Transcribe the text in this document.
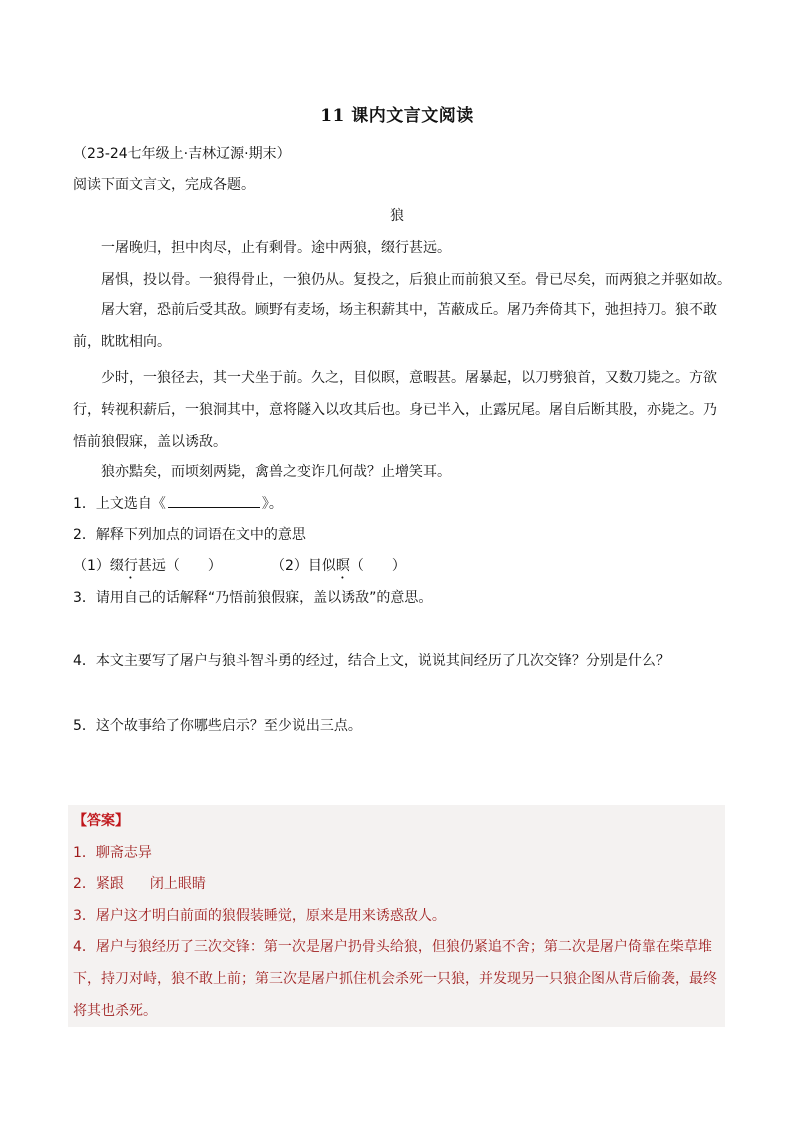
11 课内文言文阅读
（23-24七年级上·吉林辽源·期末）
阅读下面文言文，完成各题。
狼
一屠晚归，担中肉尽，止有剩骨。途中两狼，缀行甚远。
屠惧，投以骨。一狼得骨止，一狼仍从。复投之，后狼止而前狼又至。骨已尽矣，而两狼之并驱如故。
屠大窘，恐前后受其敌。顾野有麦场，场主积薪其中，苫蔽成丘。屠乃奔倚其下，弛担持刀。狼不敢前，眈眈相向。
少时，一狼径去，其一犬坐于前。久之，目似瞑，意暇甚。屠暴起，以刀劈狼首，又数刀毙之。方欲行，转视积薪后，一狼洞其中，意将隧入以攻其后也。身已半入，止露尻尾。屠自后断其股，亦毙之。乃悟前狼假寐，盖以诱敌。
狼亦黠矣，而顷刻两毙，禽兽之变诈几何哉？止增笑耳。
1．上文选自《	》。
2．解释下列加点的词语在文中的意思
（1）缀行甚远（ ）	（2）目似瞑（ ）
3．请用自己的话解释“乃悟前狼假寐，盖以诱敌”的意思。
4．本文主要写了屠户与狼斗智斗勇的经过，结合上文，说说其间经历了几次交锋？分别是什么？
5．这个故事给了你哪些启示？至少说出三点。
【答案】
1．聊斋志异
2．紧跟 闭上眼睛
3．屠户这才明白前面的狼假装睡觉，原来是用来诱惑敌人。
4．屠户与狼经历了三次交锋：第一次是屠户扔骨头给狼，但狼仍紧追不舍；第二次是屠户倚靠在柴草堆下，持刀对峙，狼不敢上前；第三次是屠户抓住机会杀死一只狼，并发现另一只狼企图从背后偷袭，最终将其也杀死。
